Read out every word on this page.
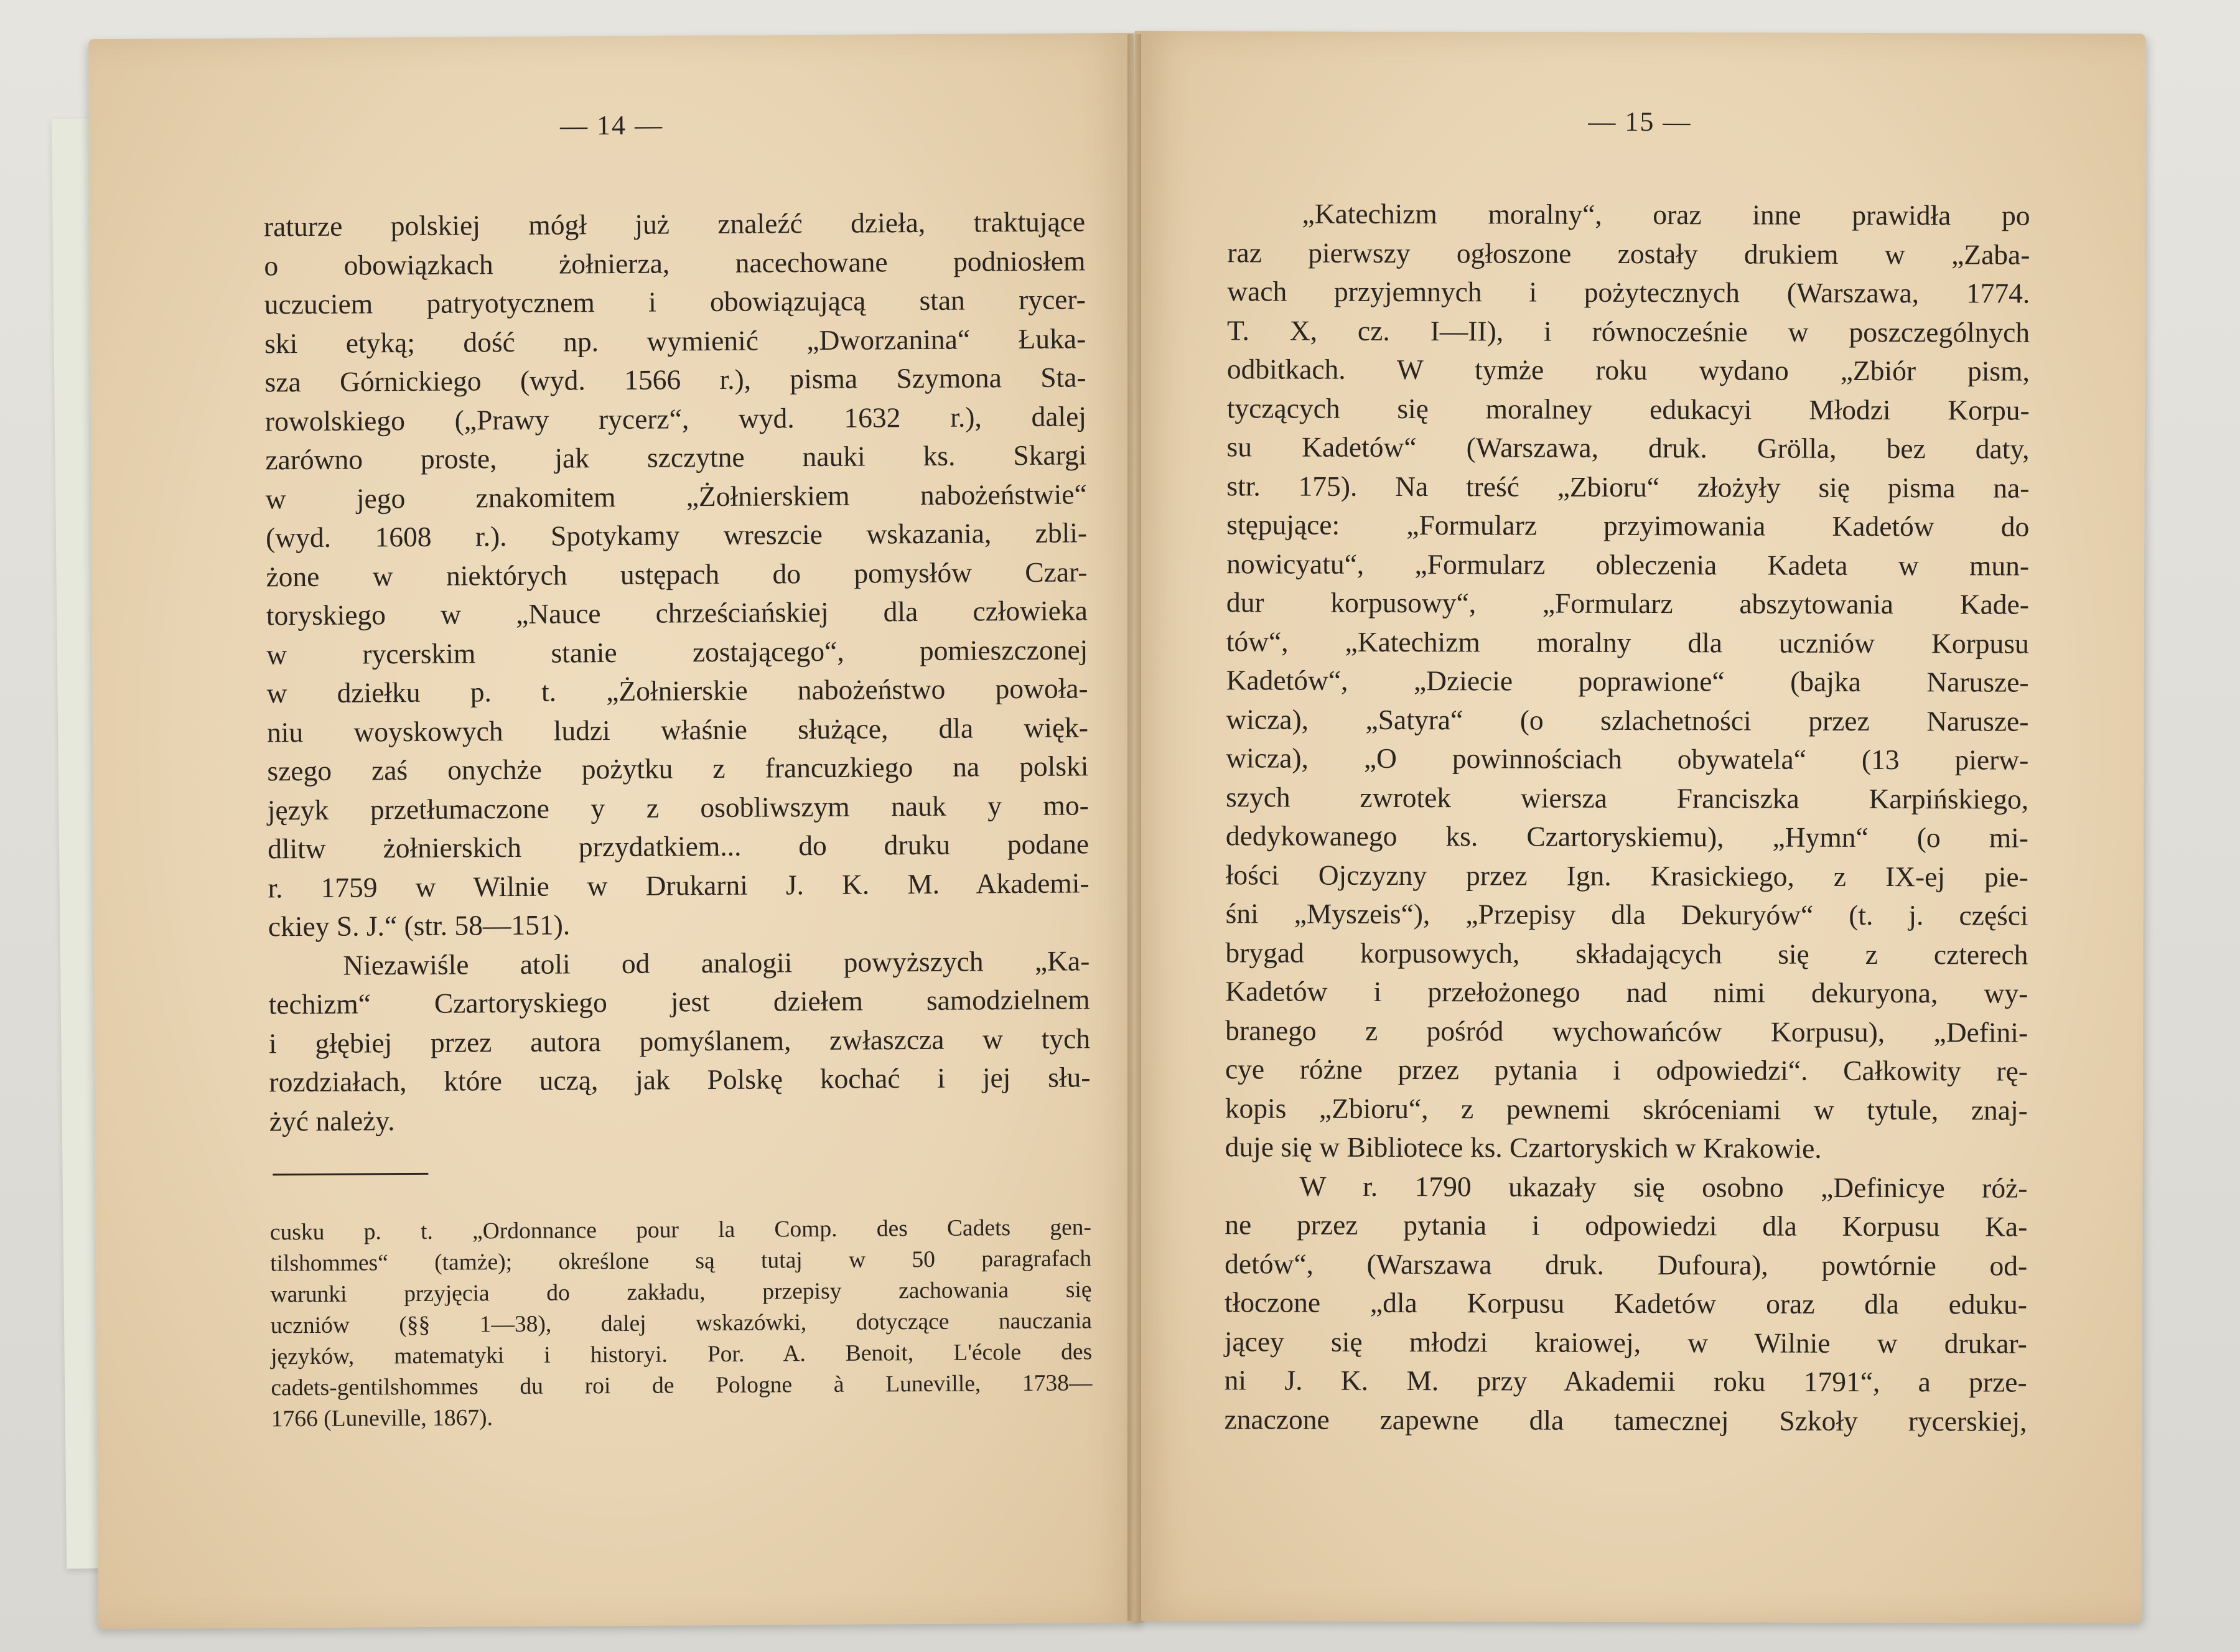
— 14 —
raturze polskiej mógł już znaleźć dzieła, traktujące
o obowiązkach żołnierza, nacechowane podniosłem
uczuciem patryotycznem i obowiązującą stan rycer-
ski etyką; dość np. wymienić „Dworzanina“ Łuka-
sza Górnickiego (wyd. 1566 r.), pisma Szymona Sta-
rowolskiego („Prawy rycerz“, wyd. 1632 r.), dalej
zarówno proste, jak szczytne nauki ks. Skargi
w jego znakomitem „Żołnierskiem nabożeństwie“
(wyd. 1608 r.). Spotykamy wreszcie wskazania, zbli-
żone w niektórych ustępach do pomysłów Czar-
toryskiego w „Nauce chrześciańskiej dla człowieka
w rycerskim stanie zostającego“, pomieszczonej
w dziełku p. t. „Żołnierskie nabożeństwo powoła-
niu woyskowych ludzi właśnie służące, dla więk-
szego zaś onychże pożytku z francuzkiego na polski
język przetłumaczone y z osobliwszym nauk y mo-
dlitw żołnierskich przydatkiem... do druku podane
r. 1759 w Wilnie w Drukarni J. K. M. Akademi-
ckiey S. J.“ (str. 58—151).
Niezawiśle atoli od analogii powyższych „Ka-
techizm“ Czartoryskiego jest dziełem samodzielnem
i głębiej przez autora pomyślanem, zwłaszcza w tych
rozdziałach, które uczą, jak Polskę kochać i jej słu-
żyć należy.
cusku p. t. „Ordonnance pour la Comp. des Cadets gen-
tilshommes“ (tamże); określone są tutaj w 50 paragrafach
warunki przyjęcia do zakładu, przepisy zachowania się
uczniów (§§ 1—38), dalej wskazówki, dotyczące nauczania
języków, matematyki i historyi. Por. A. Benoit, L'école des
cadets-gentilshommes du roi de Pologne à Luneville, 1738—
1766 (Luneville, 1867).
— 15 —
„Katechizm moralny“, oraz inne prawidła po
raz pierwszy ogłoszone zostały drukiem w „Zaba-
wach przyjemnych i pożytecznych (Warszawa, 1774.
T. X, cz. I—II), i równocześnie w poszczególnych
odbitkach. W tymże roku wydano „Zbiór pism,
tyczących się moralney edukacyi Młodzi Korpu-
su Kadetów“ (Warszawa, druk. Grölla, bez daty,
str. 175). Na treść „Zbioru“ złożyły się pisma na-
stępujące: „Formularz przyimowania Kadetów do
nowicyatu“, „Formularz obleczenia Kadeta w mun-
dur korpusowy“, „Formularz abszytowania Kade-
tów“, „Katechizm moralny dla uczniów Korpusu
Kadetów“, „Dziecie poprawione“ (bajka Narusze-
wicza), „Satyra“ (o szlachetności przez Narusze-
wicza), „O powinnościach obywatela“ (13 pierw-
szych zwrotek wiersza Franciszka Karpińskiego,
dedykowanego ks. Czartoryskiemu), „Hymn“ (o mi-
łości Ojczyzny przez Ign. Krasickiego, z IX-ej pie-
śni „Myszeis“), „Przepisy dla Dekuryów“ (t. j. części
brygad korpusowych, składających się z czterech
Kadetów i przełożonego nad nimi dekuryona, wy-
branego z pośród wychowańców Korpusu), „Defini-
cye różne przez pytania i odpowiedzi“. Całkowity rę-
kopis „Zbioru“, z pewnemi skróceniami w tytule, znaj-
duje się w Bibliotece ks. Czartoryskich w Krakowie.
W r. 1790 ukazały się osobno „Definicye róż-
ne przez pytania i odpowiedzi dla Korpusu Ka-
detów“, (Warszawa druk. Dufoura), powtórnie od-
tłoczone „dla Korpusu Kadetów oraz dla eduku-
jącey się młodzi kraiowej, w Wilnie w drukar-
ni J. K. M. przy Akademii roku 1791“, a prze-
znaczone zapewne dla tamecznej Szkoły rycerskiej,
